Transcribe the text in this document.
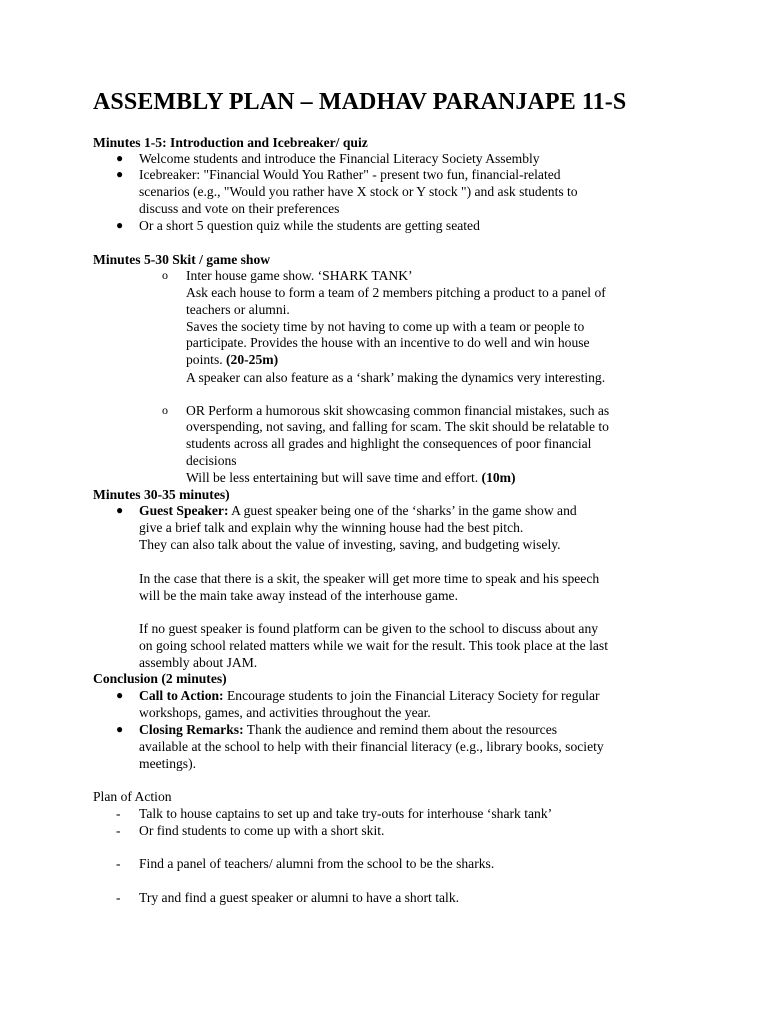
ASSEMBLY PLAN – MADHAV PARANJAPE 11-S
Minutes 1-5: Introduction and Icebreaker/ quiz
● Welcome students and introduce the Financial Literacy Society Assembly
● Icebreaker: "Financial Would You Rather" - present two fun, financial-related
scenarios (e.g., "Would you rather have X stock or Y stock ") and ask students to
discuss and vote on their preferences
● Or a short 5 question quiz while the students are getting seated
Minutes 5-30 Skit / game show
o Inter house game show. ‘SHARK TANK’
Ask each house to form a team of 2 members pitching a product to a panel of
teachers or alumni.
Saves the society time by not having to come up with a team or people to
participate. Provides the house with an incentive to do well and win house
points. (20-25m)
A speaker can also feature as a ‘shark’ making the dynamics very interesting.
o OR Perform a humorous skit showcasing common financial mistakes, such as
overspending, not saving, and falling for scam. The skit should be relatable to
students across all grades and highlight the consequences of poor financial
decisions
Will be less entertaining but will save time and effort. (10m)
Minutes 30-35 minutes)
● Guest Speaker: A guest speaker being one of the ‘sharks’ in the game show and
give a brief talk and explain why the winning house had the best pitch.
They can also talk about the value of investing, saving, and budgeting wisely.
In the case that there is a skit, the speaker will get more time to speak and his speech
will be the main take away instead of the interhouse game.
If no guest speaker is found platform can be given to the school to discuss about any
on going school related matters while we wait for the result. This took place at the last
assembly about JAM.
Conclusion (2 minutes)
● Call to Action: Encourage students to join the Financial Literacy Society for regular
workshops, games, and activities throughout the year.
● Closing Remarks: Thank the audience and remind them about the resources
available at the school to help with their financial literacy (e.g., library books, society
meetings).
Plan of Action
- Talk to house captains to set up and take try-outs for interhouse ‘shark tank’
- Or find students to come up with a short skit.
- Find a panel of teachers/ alumni from the school to be the sharks.
- Try and find a guest speaker or alumni to have a short talk.
